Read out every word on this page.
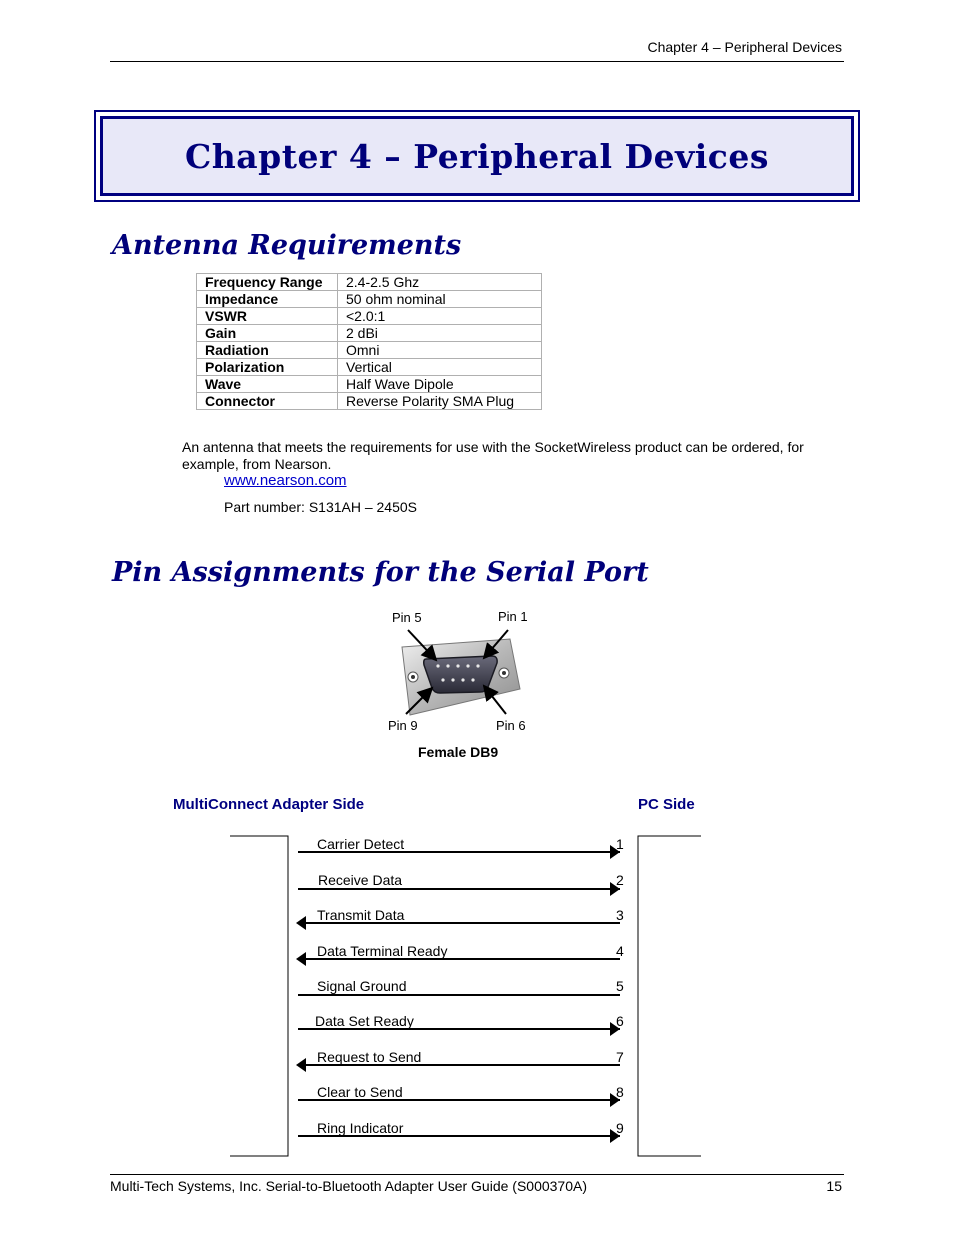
Chapter 4 – Peripheral Devices
Chapter 4 – Peripheral Devices
Antenna Requirements
Frequency Range	2.4-2.5 Ghz
Impedance	50 ohm nominal
VSWR	<2.0:1
Gain	2 dBi
Radiation	Omni
Polarization	Vertical
Wave	Half Wave Dipole
Connector	Reverse Polarity SMA Plug
An antenna that meets the requirements for use with the SocketWireless product can be ordered, for example, from Nearson.
www.nearson.com
Part number: S131AH – 2450S
Pin Assignments for the Serial Port
Pin 5	Pin 1
Pin 9	Pin 6
Female DB9
MultiConnect Adapter Side	PC Side
Carrier Detect	1
Receive Data	2
Transmit Data	3
Data Terminal Ready	4
Signal Ground	5
Data Set Ready	6
Request to Send	7
Clear to Send	8
Ring Indicator	9
Multi-Tech Systems, Inc. Serial-to-Bluetooth Adapter User Guide (S000370A)	15
